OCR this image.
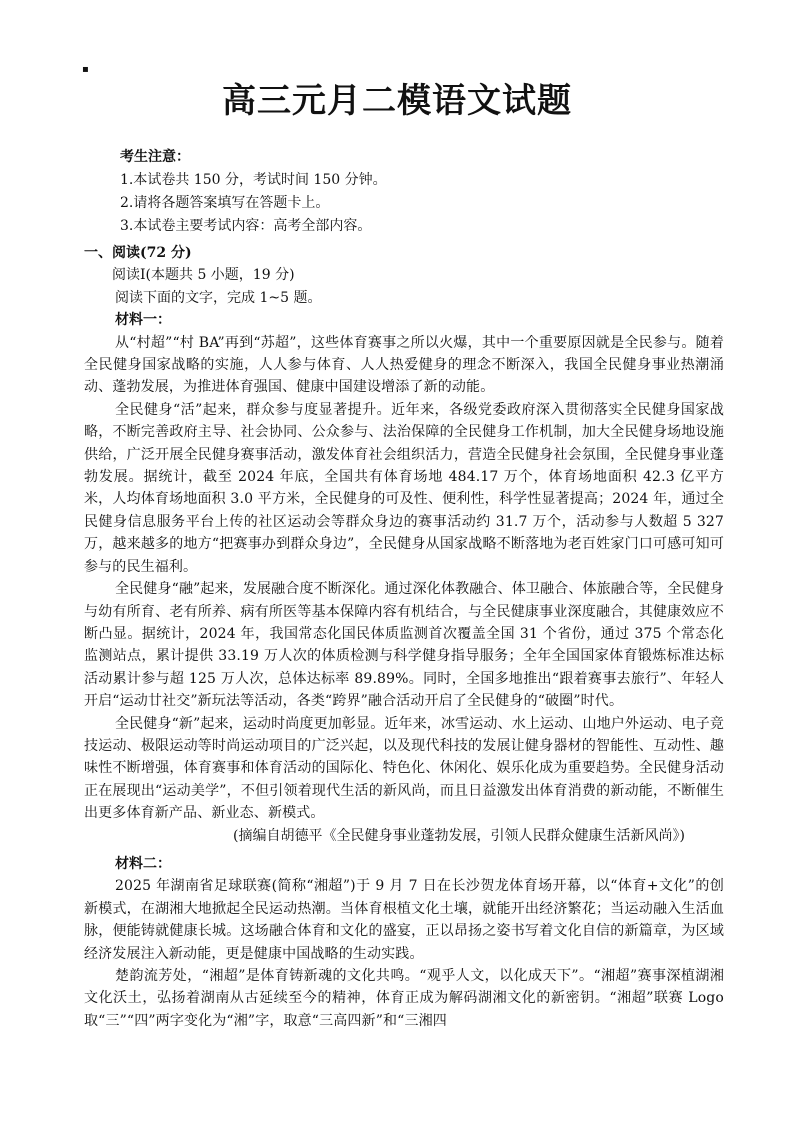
▪
高三元月二模语文试题
考生注意：
1.本试卷共 150 分，考试时间 150 分钟。
2.请将各题答案填写在答题卡上。
3.本试卷主要考试内容：高考全部内容。
一、阅读(72 分)
阅读Ⅰ(本题共 5 小题，19 分)
阅读下面的文字，完成 1~5 题。
材料一：

从“村超”“村 BA”再到“苏超”，这些体育赛事之所以火爆，其中一个重要原因就是全民参与。随着全民健身国家战略的实施，人人参与体育、人人热爱健身的理念不断深入，我国全民健身事业热潮涌动、蓬勃发展，为推进体育强国、健康中国建设增添了新的动能。

全民健身“活”起来，群众参与度显著提升。近年来，各级党委政府深入贯彻落实全民健身国家战略，不断完善政府主导、社会协同、公众参与、法治保障的全民健身工作机制，加大全民健身场地设施供给，广泛开展全民健身赛事活动，激发体育社会组织活力，营造全民健身社会氛围，全民健身事业蓬勃发展。据统计，截至 2024 年底，全国共有体育场地 484.17 万个，体育场地面积 42.3 亿平方米，人均体育场地面积 3.0 平方米，全民健身的可及性、便利性，科学性显著提高；2024 年，通过全民健身信息服务平台上传的社区运动会等群众身边的赛事活动约 31.7 万个，活动参与人数超 5 327 万，越来越多的地方“把赛事办到群众身边”，全民健身从国家战略不断落地为老百姓家门口可感可知可参与的民生福利。

全民健身“融”起来，发展融合度不断深化。通过深化体教融合、体卫融合、体旅融合等，全民健身与幼有所育、老有所养、病有所医等基本保障内容有机结合，与全民健康事业深度融合，其健康效应不断凸显。据统计，2024 年，我国常态化国民体质监测首次覆盖全国 31 个省份，通过 375 个常态化监测站点，累计提供 33.19 万人次的体质检测与科学健身指导服务；全年全国国家体育锻炼标准达标活动累计参与超 125 万人次，总体达标率 89.89%。同时，全国多地推出“跟着赛事去旅行”、年轻人开启“运动廿社交”新玩法等活动，各类“跨界”融合活动开启了全民健身的“破圈”时代。

全民健身“新”起来，运动时尚度更加彰显。近年来，冰雪运动、水上运动、山地户外运动、电子竞技运动、极限运动等时尚运动项目的广泛兴起，以及现代科技的发展让健身器材的智能性、互动性、趣味性不断增强，体育赛事和体育活动的国际化、特色化、休闲化、娱乐化成为重要趋势。全民健身活动正在展现出“运动美学”，不但引领着现代生活的新风尚，而且日益激发出体育消费的新动能，不断催生出更多体育新产品、新业态、新模式。

(摘编自胡德平《全民健身事业蓬勃发展，引领人民群众健康生活新风尚》)
材料二：

2025 年湖南省足球联赛(简称“湘超”)于 9 月 7 日在长沙贺龙体育场开幕，以“体育+文化”的创新模式，在湖湘大地掀起全民运动热潮。当体育根植文化土壤，就能开出经济繁花；当运动融入生活血脉，便能铸就健康长城。这场融合体育和文化的盛宴，正以昂扬之姿书写着文化自信的新篇章，为区域经济发展注入新动能，更是健康中国战略的生动实践。

楚韵流芳处，“湘超”是体育铸新魂的文化共鸣。“观乎人文，以化成天下”。“湘超”赛事深植湖湘文化沃土，弘扬着湖南从古延续至今的精神，体育正成为解码湖湘文化的新密钥。“湘超”联赛 Logo 取“三”“四”两字变化为“湘”字，取意“三高四新”和“三湘四
